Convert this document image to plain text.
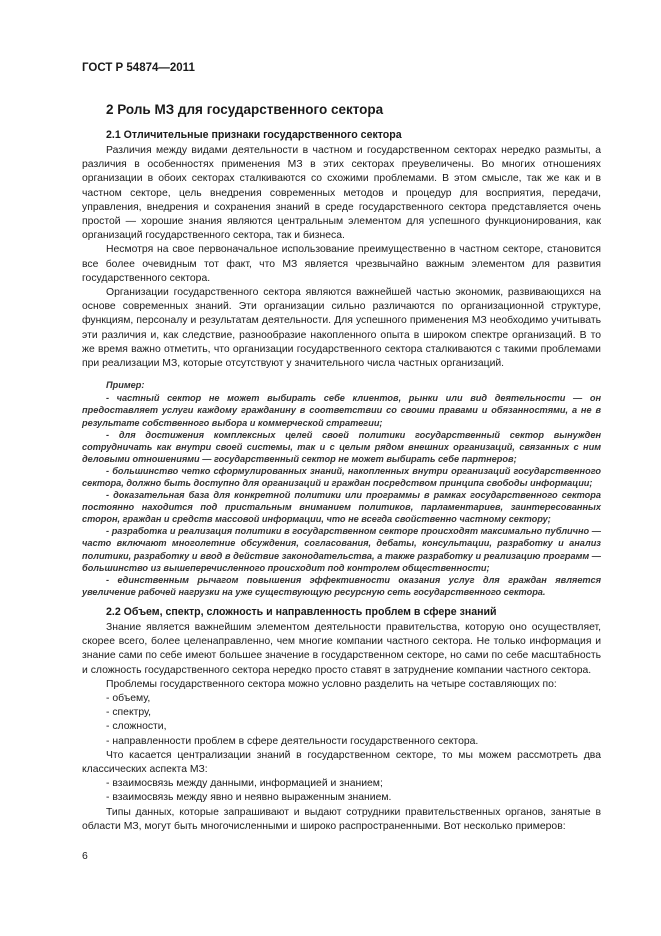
ГОСТ Р 54874—2011
2 Роль МЗ для государственного сектора
2.1 Отличительные признаки государственного сектора

Различия между видами деятельности в частном и государственном секторах нередко размыты, а различия в особенностях применения МЗ в этих секторах преувеличены. Во многих отношениях организации в обоих секторах сталкиваются со схожими проблемами. В этом смысле, так же как и в частном секторе, цель внедрения современных методов и процедур для восприятия, передачи, управления, внедрения и сохранения знаний в среде государственного сектора представляется очень простой — хорошие знания являются центральным элементом для успешного функционирования, как организаций государственного сектора, так и бизнеса.

Несмотря на свое первоначальное использование преимущественно в частном секторе, становится все более очевидным тот факт, что МЗ является чрезвычайно важным элементом для развития государственного сектора.

Организации государственного сектора являются важнейшей частью экономик, развивающихся на основе современных знаний. Эти организации сильно различаются по организационной структуре, функциям, персоналу и результатам деятельности. Для успешного применения МЗ необходимо учитывать эти различия и, как следствие, разнообразие накопленного опыта в широком спектре организаций. В то же время важно отметить, что организации государственного сектора сталкиваются с такими проблемами при реализации МЗ, которые отсутствуют у значительного числа частных организаций.

Пример:

- частный сектор не может выбирать себе клиентов, рынки или вид деятельности — он предоставляет услуги каждому гражданину в соответствии со своими правами и обязанностями, а не в результате собственного выбора и коммерческой стратегии;

- для достижения комплексных целей своей политики государственный сектор вынужден сотрудничать как внутри своей системы, так и с целым рядом внешних организаций, связанных с ним деловыми отношениями — государственный сектор не может выбирать себе партнеров;

- большинство четко сформулированных знаний, накопленных внутри организаций государственного сектора, должно быть доступно для организаций и граждан посредством принципа свободы информации;

- доказательная база для конкретной политики или программы в рамках государственного сектора постоянно находится под пристальным вниманием политиков, парламентариев, заинтересованных сторон, граждан и средств массовой информации, что не всегда свойственно частному сектору;

- разработка и реализация политики в государственном секторе происходят максимально публично — часто включают многолетние обсуждения, согласования, дебаты, консультации, разработку и анализ политики, разработку и ввод в действие законодательства, а также разработку и реализацию программ — большинство из вышеперечисленного происходит под контролем общественности;

- единственным рычагом повышения эффективности оказания услуг для граждан является увеличение рабочей нагрузки на уже существующую ресурсную сеть государственного сектора.

2.2 Объем, спектр, сложность и направленность проблем в сфере знаний

Знание является важнейшим элементом деятельности правительства, которую оно осуществляет, скорее всего, более целенаправленно, чем многие компании частного сектора. Не только информация и знание сами по себе имеют большее значение в государственном секторе, но сами по себе масштабность и сложность государственного сектора нередко просто ставят в затруднение компании частного сектора.

Проблемы государственного сектора можно условно разделить на четыре составляющих по:

- объему,
- спектру,
- сложности,
- направленности проблем в сфере деятельности государственного сектора.

Что касается централизации знаний в государственном секторе, то мы можем рассмотреть два классических аспекта МЗ:

- взаимосвязь между данными, информацией и знанием;
- взаимосвязь между явно и неявно выраженным знанием.

Типы данных, которые запрашивают и выдают сотрудники правительственных органов, занятые в области МЗ, могут быть многочисленными и широко распространенными. Вот несколько примеров:

6
